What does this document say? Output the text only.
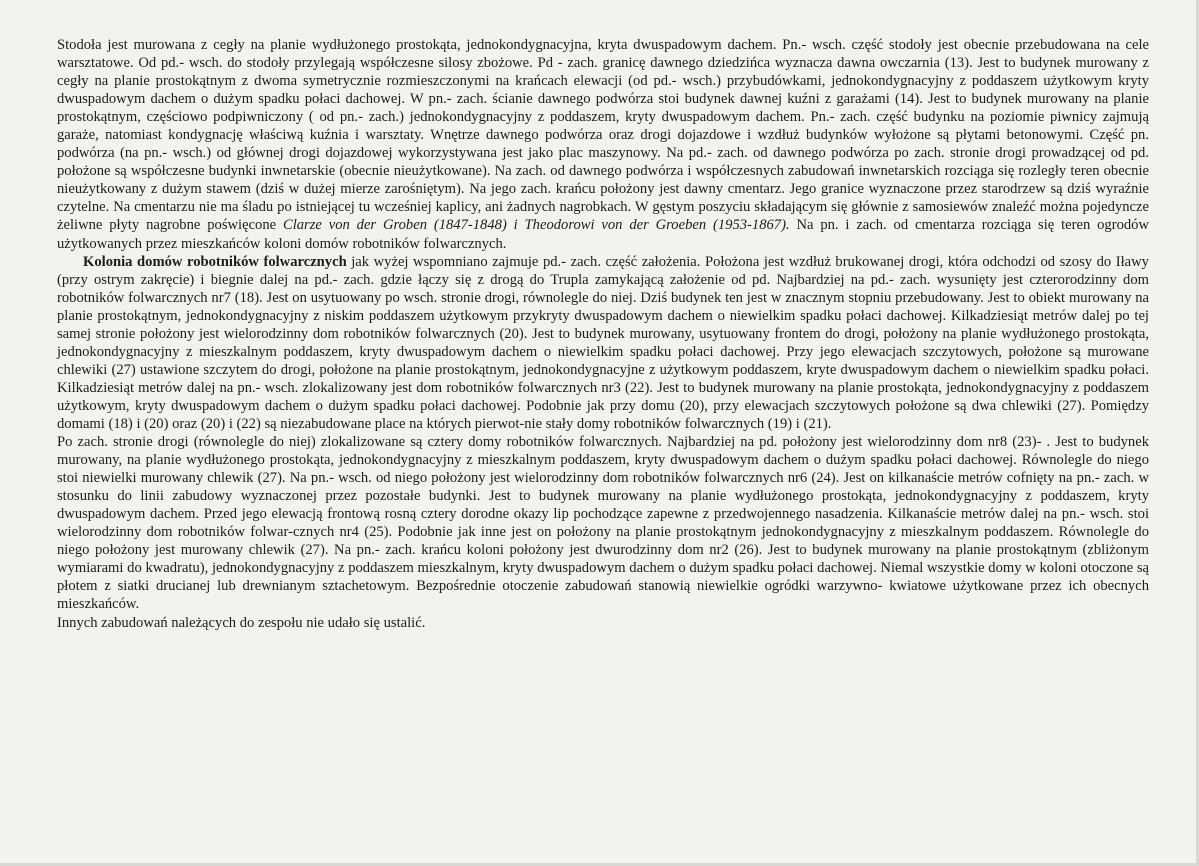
Stodoła jest murowana z cegły na planie wydłużonego prostokąta, jednokondygnacyjna, kryta dwuspadowym dachem. Pn.- wsch. część stodoły jest obecnie przebudowana na cele warsztatowe. Od pd.- wsch. do stodoły przylegają współczesne silosy zbożowe. Pd - zach. granicę dawnego dziedzińca wyznacza dawna owczarnia (13). Jest to budynek murowany z cegły na planie prostokątnym z dwoma symetrycznie rozmieszczonymi na krańcach elewacji (od pd.- wsch.) przybudówkami, jednokondygnacyjny z poddaszem użytkowym kryty dwuspadowym dachem o dużym spadku połaci dachowej. W pn.- zach. ścianie dawnego podwórza stoi budynek dawnej kuźni z garażami (14). Jest to budynek murowany na planie prostokątnym, częściowo podpiwniczony ( od pn.- zach.) jednokondygnacyjny z poddaszem, kryty dwuspadowym dachem. Pn.- zach. część budynku na poziomie piwnicy zajmują garaże, natomiast kondygnację właściwą kuźnia i warsztaty. Wnętrze dawnego podwórza oraz drogi dojazdowe i wzdłuż budynków wyłożone są płytami betonowymi. Część pn. podwórza (na pn.- wsch.) od głównej drogi dojazdowej wykorzystywana jest jako plac maszynowy. Na pd.- zach. od dawnego podwórza po zach. stronie drogi prowadzącej od pd. położone są współczesne budynki inwnetarskie (obecnie nieużytkowane). Na zach. od dawnego podwórza i współczesnych zabudowań inwnetarskich rozciąga się rozległy teren obecnie nieużytkowany z dużym stawem (dziś w dużej mierze zarośniętym). Na jego zach. krańcu położony jest dawny cmentarz. Jego granice wyznaczone przez starodrzew są dziś wyraźnie czytelne. Na cmentarzu nie ma śladu po istniejącej tu wcześniej kaplicy, ani żadnych nagrobkach. W gęstym poszyciu składającym się głównie z samosiewów znaleźć można pojedyncze żeliwne płyty nagrobne poświęcone Clarze von der Groben (1847-1848) i Theodorowi von der Groeben (1953-1867). Na pn. i zach. od cmentarza rozciąga się teren ogrodów użytkowanych przez mieszkańców koloni domów robotników folwarcznych.

Kolonia domów robotników folwarcznych jak wyżej wspomniano zajmuje pd.- zach. część założenia. Położona jest wzdłuż brukowanej drogi, która odchodzi od szosy do Iławy (przy ostrym zakręcie) i biegnie dalej na pd.- zach. gdzie łączy się z drogą do Trupla zamykającą założenie od pd. Najbardziej na pd.- zach. wysunięty jest czterorodzinny dom robotników folwarcznych nr7 (18). Jest on usytuowany po wsch. stronie drogi, równolegle do niej. Dziś budynek ten jest w znacznym stopniu przebudowany. Jest to obiekt murowany na planie prostokątnym, jednokondygnacyjny z niskim poddaszem użytkowym przykryty dwuspadowym dachem o niewielkim spadku połaci dachowej. Kilkadziesiąt metrów dalej po tej samej stronie położony jest wielorodzinny dom robotników folwarcznych (20). Jest to budynek murowany, usytuowany frontem do drogi, położony na planie wydłużonego prostokąta, jednokondygnacyjny z mieszkalnym poddaszem, kryty dwuspadowym dachem o niewielkim spadku połaci dachowej. Przy jego elewacjach szczytowych, położone są murowane chlewiki (27) ustawione szczytem do drogi, położone na planie prostokątnym, jednokondygnacyjne z użytkowym poddaszem, kryte dwuspadowym dachem o niewielkim spadku połaci. Kilkadziesiąt metrów dalej na pn.- wsch. zlokalizowany jest dom robotników folwarcznych nr3 (22). Jest to budynek murowany na planie prostokąta, jednokondygnacyjny z poddaszem użytkowym, kryty dwuspadowym dachem o dużym spadku połaci dachowej. Podobnie jak przy domu (20), przy elewacjach szczytowych położone są dwa chlewiki (27). Pomiędzy domami (18) i (20) oraz (20) i (22) są niezabudowane place na których pierwot-nie stały domy robotników folwarcznych (19) i (21).

Po zach. stronie drogi (równolegle do niej) zlokalizowane są cztery domy robotników folwarcznych. Najbardziej na pd. położony jest wielorodzinny dom nr8 (23)- . Jest to budynek murowany, na planie wydłużonego prostokąta, jednokondygnacyjny z mieszkalnym poddaszem, kryty dwuspadowym dachem o dużym spadku połaci dachowej. Równolegle do niego stoi niewielki murowany chlewik (27). Na pn.- wsch. od niego położony jest wielorodzinny dom robotników folwarcznych nr6 (24). Jest on kilkanaście metrów cofnięty na pn.- zach. w stosunku do linii zabudowy wyznaczonej przez pozostałe budynki. Jest to budynek murowany na planie wydłużonego prostokąta, jednokondygnacyjny z poddaszem, kryty dwuspadowym dachem. Przed jego elewacją frontową rosną cztery dorodne okazy lip pochodzące zapewne z przedwojennego nasadzenia. Kilkanaście metrów dalej na pn.- wsch. stoi wielorodzinny dom robotników folwar-cznych nr4 (25). Podobnie jak inne jest on położony na planie prostokątnym jednokondygnacyjny z mieszkalnym poddaszem. Równolegle do niego położony jest murowany chlewik (27). Na pn.- zach. krańcu koloni położony jest dwurodzinny dom nr2 (26). Jest to budynek murowany na planie prostokątnym (zbliżonym wymiarami do kwadratu), jednokondygnacyjny z poddaszem mieszkalnym, kryty dwuspadowym dachem o dużym spadku połaci dachowej. Niemal wszystkie domy w koloni otoczone są płotem z siatki drucianej lub drewnianym sztachetowym. Bezpośrednie otoczenie zabudowań stanowią niewielkie ogródki warzywno- kwiatowe użytkowane przez ich obecnych mieszkańców.

Innych zabudowań należących do zespołu nie udało się ustalić.
